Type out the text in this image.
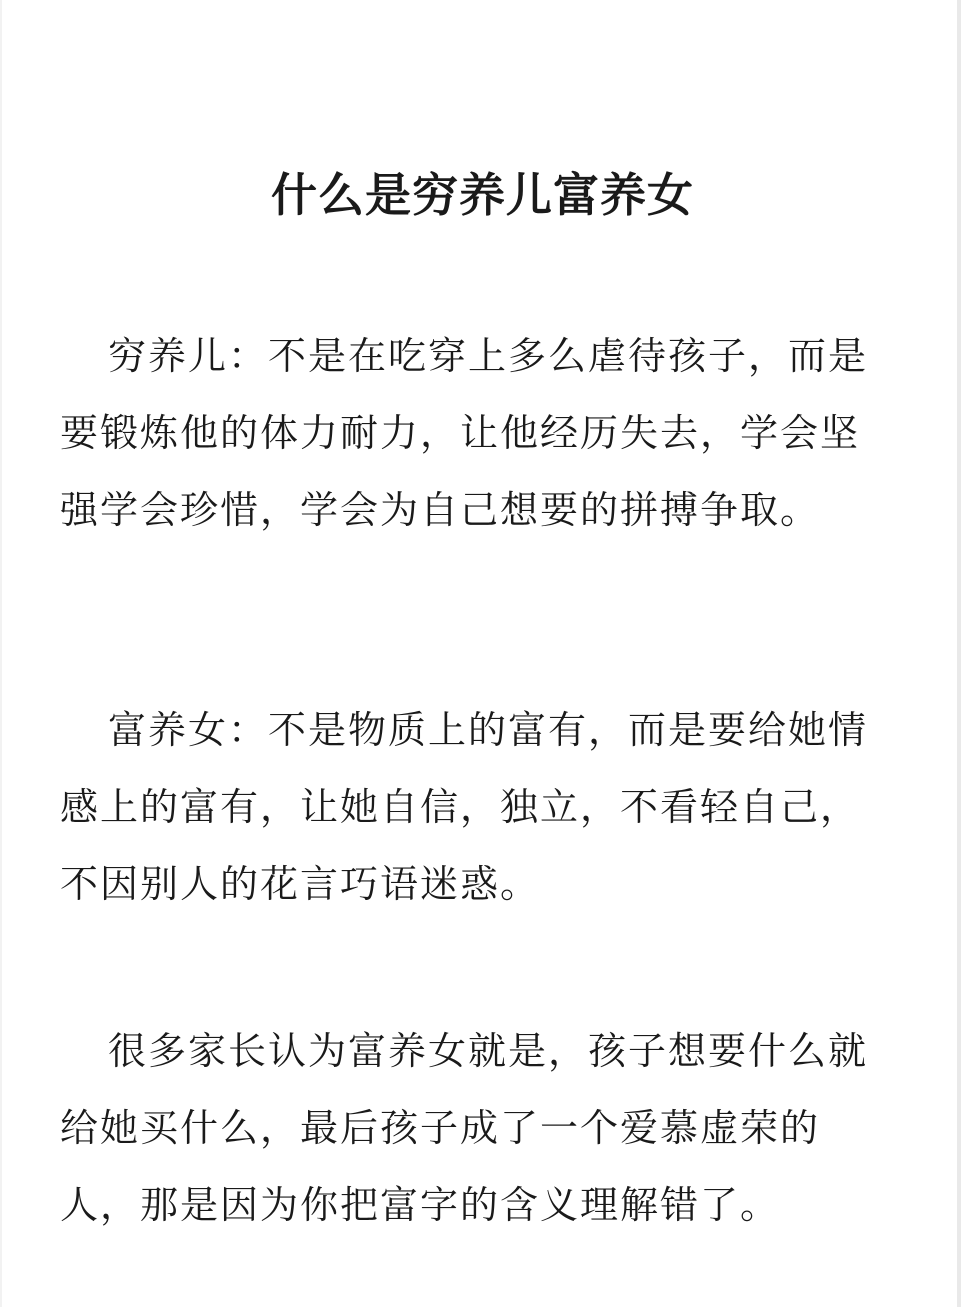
什么是穷养儿富养女

穷养儿：不是在吃穿上多么虐待孩子，而是要锻炼他的体力耐力，让他经历失去，学会坚强学会珍惜，学会为自己想要的拼搏争取。

富养女：不是物质上的富有，而是要给她情感上的富有，让她自信，独立，不看轻自己，不因别人的花言巧语迷惑。

很多家长认为富养女就是，孩子想要什么就给她买什么，最后孩子成了一个爱慕虚荣的人，那是因为你把富字的含义理解错了。
